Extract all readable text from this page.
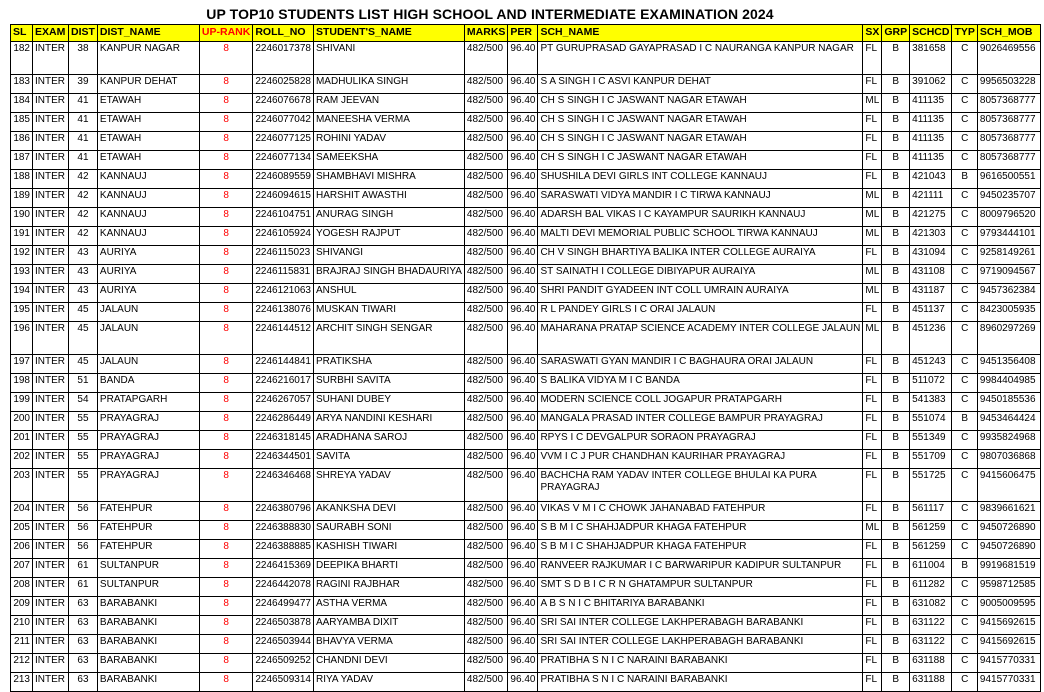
UP TOP10 STUDENTS LIST HIGH SCHOOL AND INTERMEDIATE EXAMINATION 2024
SL	EXAM	DIST	DIST_NAME	UP-RANK	ROLL_NO	STUDENT'S_NAME	MARKS	PER	SCH_NAME	SX	GRP	SCHCD	TYP	SCH_MOB
182	INTER	38	KANPUR NAGAR	8	2246017378	SHIVANI	482/500	96.40	PT GURUPRASAD GAYAPRASAD I C NAURANGA KANPUR NAGAR	FL	B	381658	C	9026469556
183	INTER	39	KANPUR DEHAT	8	2246025828	MADHULIKA SINGH	482/500	96.40	S A SINGH I C ASVI KANPUR DEHAT	FL	B	391062	C	9956503228
184	INTER	41	ETAWAH	8	2246076678	RAM JEEVAN	482/500	96.40	CH S SINGH I C JASWANT NAGAR ETAWAH	ML	B	411135	C	8057368777
185	INTER	41	ETAWAH	8	2246077042	MANEESHA VERMA	482/500	96.40	CH S SINGH I C JASWANT NAGAR ETAWAH	FL	B	411135	C	8057368777
186	INTER	41	ETAWAH	8	2246077125	ROHINI YADAV	482/500	96.40	CH S SINGH I C JASWANT NAGAR ETAWAH	FL	B	411135	C	8057368777
187	INTER	41	ETAWAH	8	2246077134	SAMEEKSHA	482/500	96.40	CH S SINGH I C JASWANT NAGAR ETAWAH	FL	B	411135	C	8057368777
188	INTER	42	KANNAUJ	8	2246089559	SHAMBHAVI MISHRA	482/500	96.40	SHUSHILA DEVI GIRLS INT COLLEGE KANNAUJ	FL	B	421043	B	9616500551
189	INTER	42	KANNAUJ	8	2246094615	HARSHIT AWASTHI	482/500	96.40	SARASWATI VIDYA MANDIR I C TIRWA KANNAUJ	ML	B	421111	C	9450235707
190	INTER	42	KANNAUJ	8	2246104751	ANURAG SINGH	482/500	96.40	ADARSH BAL VIKAS I C KAYAMPUR SAURIKH KANNAUJ	ML	B	421275	C	8009796520
191	INTER	42	KANNAUJ	8	2246105924	YOGESH RAJPUT	482/500	96.40	MALTI DEVI MEMORIAL PUBLIC SCHOOL TIRWA KANNAUJ	ML	B	421303	C	9793444101
192	INTER	43	AURIYA	8	2246115023	SHIVANGI	482/500	96.40	CH V SINGH BHARTIYA BALIKA INTER COLLEGE AURAIYA	FL	B	431094	C	9258149261
193	INTER	43	AURIYA	8	2246115831	BRAJRAJ SINGH BHADAURIYA	482/500	96.40	ST SAINATH I COLLEGE DIBIYAPUR AURAIYA	ML	B	431108	C	9719094567
194	INTER	43	AURIYA	8	2246121063	ANSHUL	482/500	96.40	SHRI PANDIT GYADEEN INT COLL UMRAIN AURAIYA	ML	B	431187	C	9457362384
195	INTER	45	JALAUN	8	2246138076	MUSKAN TIWARI	482/500	96.40	R L PANDEY GIRLS I C ORAI JALAUN	FL	B	451137	C	8423005935
196	INTER	45	JALAUN	8	2246144512	ARCHIT SINGH SENGAR	482/500	96.40	MAHARANA PRATAP SCIENCE ACADEMY INTER COLLEGE JALAUN	ML	B	451236	C	8960297269
197	INTER	45	JALAUN	8	2246144841	PRATIKSHA	482/500	96.40	SARASWATI GYAN MANDIR I C BAGHAURA ORAI JALAUN	FL	B	451243	C	9451356408
198	INTER	51	BANDA	8	2246216017	SURBHI SAVITA	482/500	96.40	S BALIKA VIDYA M I C BANDA	FL	B	511072	C	9984404985
199	INTER	54	PRATAPGARH	8	2246267057	SUHANI DUBEY	482/500	96.40	MODERN SCIENCE COLL JOGAPUR PRATAPGARH	FL	B	541383	C	9450185536
200	INTER	55	PRAYAGRAJ	8	2246286449	ARYA NANDINI KESHARI	482/500	96.40	MANGALA PRASAD INTER COLLEGE BAMPUR PRAYAGRAJ	FL	B	551074	B	9453464424
201	INTER	55	PRAYAGRAJ	8	2246318145	ARADHANA SAROJ	482/500	96.40	RPYS I C DEVGALPUR SORAON PRAYAGRAJ	FL	B	551349	C	9935824968
202	INTER	55	PRAYAGRAJ	8	2246344501	SAVITA	482/500	96.40	VVM I C J PUR CHANDHAN KAURIHAR PRAYAGRAJ	FL	B	551709	C	9807036868
203	INTER	55	PRAYAGRAJ	8	2246346468	SHREYA YADAV	482/500	96.40	BACHCHA RAM YADAV INTER COLLEGE BHULAI KA PURA PRAYAGRAJ	FL	B	551725	C	9415606475
204	INTER	56	FATEHPUR	8	2246380796	AKANKSHA DEVI	482/500	96.40	VIKAS V M I C CHOWK JAHANABAD FATEHPUR	FL	B	561117	C	9839661621
205	INTER	56	FATEHPUR	8	2246388830	SAURABH SONI	482/500	96.40	S B M I C SHAHJADPUR KHAGA FATEHPUR	ML	B	561259	C	9450726890
206	INTER	56	FATEHPUR	8	2246388885	KASHISH TIWARI	482/500	96.40	S B M I C SHAHJADPUR KHAGA FATEHPUR	FL	B	561259	C	9450726890
207	INTER	61	SULTANPUR	8	2246415369	DEEPIKA BHARTI	482/500	96.40	RANVEER RAJKUMAR I C BARWARIPUR KADIPUR SULTANPUR	FL	B	611004	B	9919681519
208	INTER	61	SULTANPUR	8	2246442078	RAGINI RAJBHAR	482/500	96.40	SMT S D B I C R N GHATAMPUR SULTANPUR	FL	B	611282	C	9598712585
209	INTER	63	BARABANKI	8	2246499477	ASTHA VERMA	482/500	96.40	A B S N I C BHITARIYA BARABANKI	FL	B	631082	C	9005009595
210	INTER	63	BARABANKI	8	2246503878	AARYAMBA DIXIT	482/500	96.40	SRI SAI INTER COLLEGE LAKHPERABAGH BARABANKI	FL	B	631122	C	9415692615
211	INTER	63	BARABANKI	8	2246503944	BHAVYA VERMA	482/500	96.40	SRI SAI INTER COLLEGE LAKHPERABAGH BARABANKI	FL	B	631122	C	9415692615
212	INTER	63	BARABANKI	8	2246509252	CHANDNI DEVI	482/500	96.40	PRATIBHA S N I C NARAINI BARABANKI	FL	B	631188	C	9415770331
213	INTER	63	BARABANKI	8	2246509314	RIYA YADAV	482/500	96.40	PRATIBHA S N I C NARAINI BARABANKI	FL	B	631188	C	9415770331
